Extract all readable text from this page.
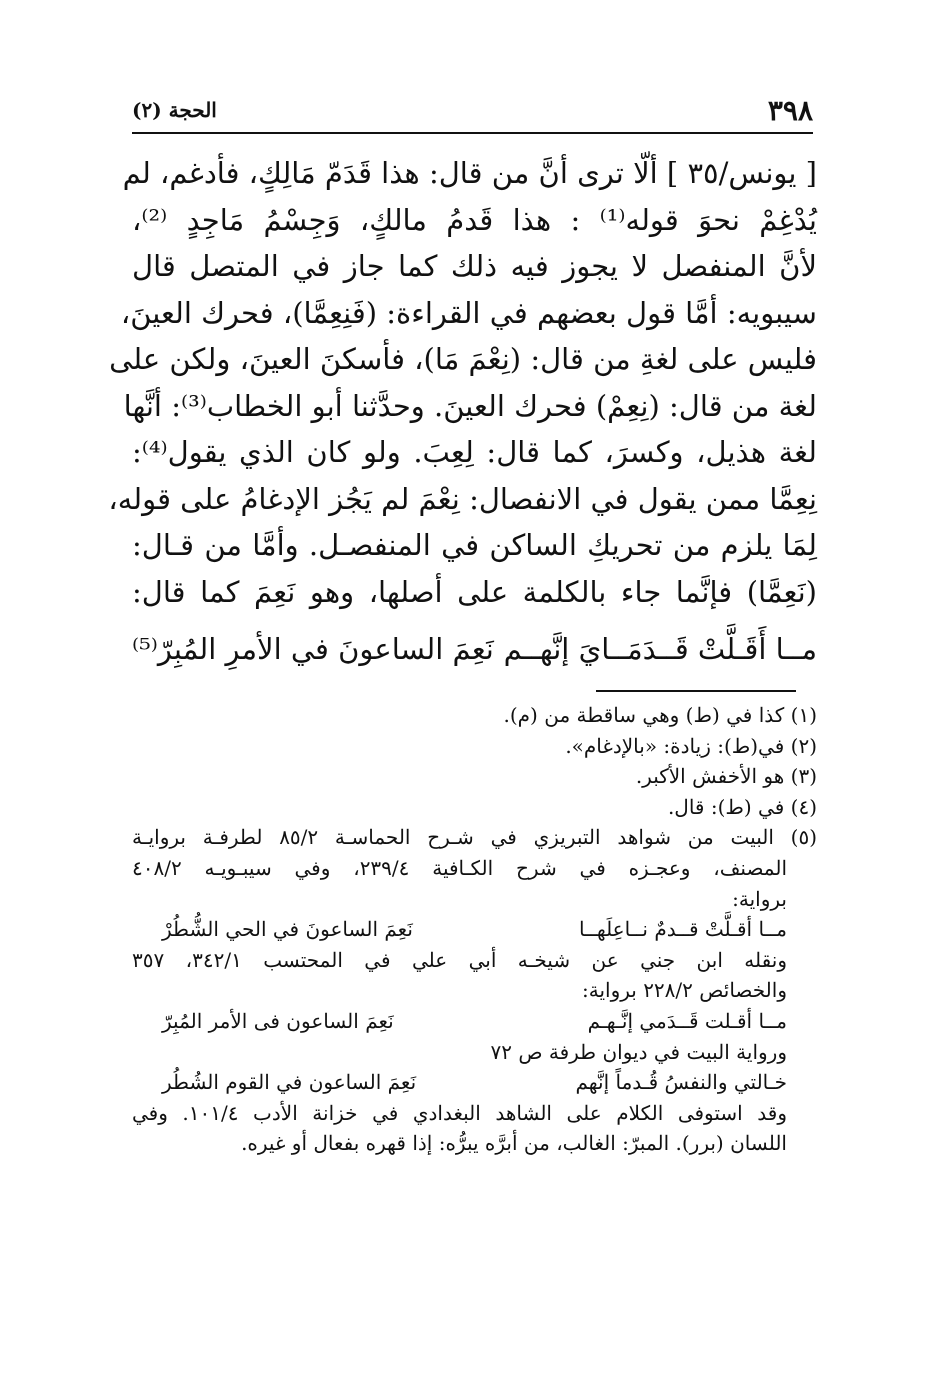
٣٩٨
الحجة (٢)
[ يونس/٣٥ ] ألّا ترى أنَّ من قال: هذا قَدَمّ مَالِكٍ، فأدغم، لم
يُدْغِمْ نحوَ قوله⁽¹⁾ : هذا قَدمُ مالكٍ، وَجِسْمُ مَاجِدٍ ⁽²⁾،
لأنَّ المنفصل لا يجوز فيه ذلك كما جاز في المتصل قال
سيبويه: أمَّا قول بعضهم في القراءة: (فَنِعِمَّا)، فحرك العينَ،
فليس على لغةِ من قال: (نِعْمَ مَا)، فأسكنَ العينَ، ولكن على
لغة من قال: (نِعِمْ) فحرك العينَ. وحدَّثنا أبو الخطاب⁽³⁾: أنَّها
لغة هذيل، وكسرَ، كما قال: لِعِبَ. ولو كان الذي يقول⁽⁴⁾:
نِعِمَّا ممن يقول في الانفصال: نِعْمَ لم يَجُز الإدغامُ على قوله،
لِمَا يلزم من تحريكِ الساكن في المنفصـل. وأمَّا من قـال:
(نَعِمَّا) فإنَّما جاء بالكلمة على أصلها، وهو نَعِمَ كما قال:
مــا أَقَـلَّتْ قَــدَمَــايَ إنَّهــم
نَعِمَ الساعونَ في الأمرِ المُبِرّ⁽⁵⁾
(١) كذا في (ط) وهي ساقطة من (م).
(٢) في(ط): زيادة: «بالإدغام».
(٣) هو الأخفش الأكبر.
(٤) في (ط): قال.
(٥) البيت من شواهد التبريزي في شـرح الحماسـة ٨٥/٢ لطرفـة بروايـة
المصنف، وعجـزه في شرح الكـافية ٢٣٩/٤، وفي سيبـويـه ٤٠٨/٢
برواية:
مــا أقـلَّتْ قــدمٌ نــاعِلَهــا
نَعِمَ الساعونَ في الحي الشُّطُرْ
ونقله ابن جني عن شيخـه أبي علي في المحتسب ٣٤٢/١، ٣٥٧
والخصائص ٢٢٨/٢ برواية:
مــا أقـلت قَــدَمي إنَّـهـم
نَعِمَ الساعون فى الأمر المُبِرّ
ورواية البيت في ديوان طرفة ص ٧٢
خـالتي والنفسُ قُـدماً إنَّهم
نَعِمَ الساعون في القوم الشُطُر
وقد استوفى الكلام على الشاهد البغدادي في خزانة الأدب ١٠١/٤. وفي
اللسان (برر). المبرّ: الغالب، من أبرَّه يبرُّه: إذا قهره بفعال أو غيره.
